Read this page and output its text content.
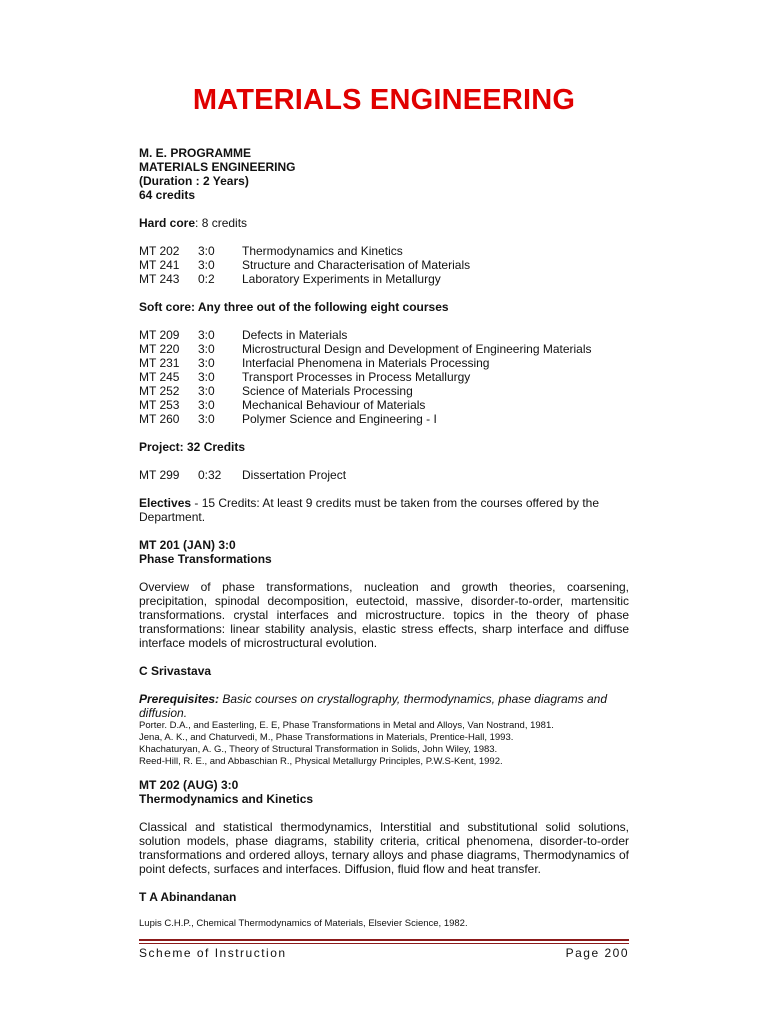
MATERIALS ENGINEERING
M. E. PROGRAMME
MATERIALS ENGINEERING
(Duration : 2 Years)
64 credits
Hard core: 8 credits
MT 202	3:0	Thermodynamics and Kinetics
MT 241	3:0	Structure and Characterisation of Materials
MT 243	0:2	Laboratory Experiments in Metallurgy
Soft core: Any three out of the following eight courses
MT 209	3:0	Defects in Materials
MT 220	3:0	Microstructural Design and Development of Engineering Materials
MT 231	3:0	Interfacial Phenomena in Materials Processing
MT 245	3:0	Transport Processes in Process Metallurgy
MT 252	3:0	Science of Materials Processing
MT 253	3:0	Mechanical Behaviour of Materials
MT 260	3:0	Polymer Science and Engineering - I
Project: 32 Credits
MT 299	0:32	Dissertation Project
Electives - 15 Credits: At least 9 credits must be taken from the courses offered by the Department.
MT 201 (JAN) 3:0
Phase Transformations
Overview of phase transformations, nucleation and growth theories, coarsening, precipitation, spinodal decomposition, eutectoid, massive, disorder-to-order, martensitic transformations. crystal interfaces and microstructure. topics in the theory of phase transformations: linear stability analysis, elastic stress effects, sharp interface and diffuse interface models of microstructural evolution.
C Srivastava
Prerequisites: Basic courses on crystallography, thermodynamics, phase diagrams and diffusion.
Porter. D.A., and Easterling, E. E, Phase Transformations in Metal and Alloys, Van Nostrand, 1981.
Jena, A. K., and Chaturvedi, M., Phase Transformations in Materials, Prentice-Hall, 1993.
Khachaturyan, A. G., Theory of Structural Transformation in Solids, John Wiley, 1983.
Reed-Hill, R. E., and Abbaschian R., Physical Metallurgy Principles, P.W.S-Kent, 1992.
MT 202 (AUG) 3:0
Thermodynamics and Kinetics
Classical and statistical thermodynamics, Interstitial and substitutional solid solutions, solution models, phase diagrams, stability criteria, critical phenomena, disorder-to-order transformations and ordered alloys, ternary alloys and phase diagrams, Thermodynamics of point defects, surfaces and interfaces. Diffusion, fluid flow and heat transfer.
T A Abinandanan
Lupis C.H.P., Chemical Thermodynamics of Materials, Elsevier Science, 1982.
Scheme of Instruction	Page 200
